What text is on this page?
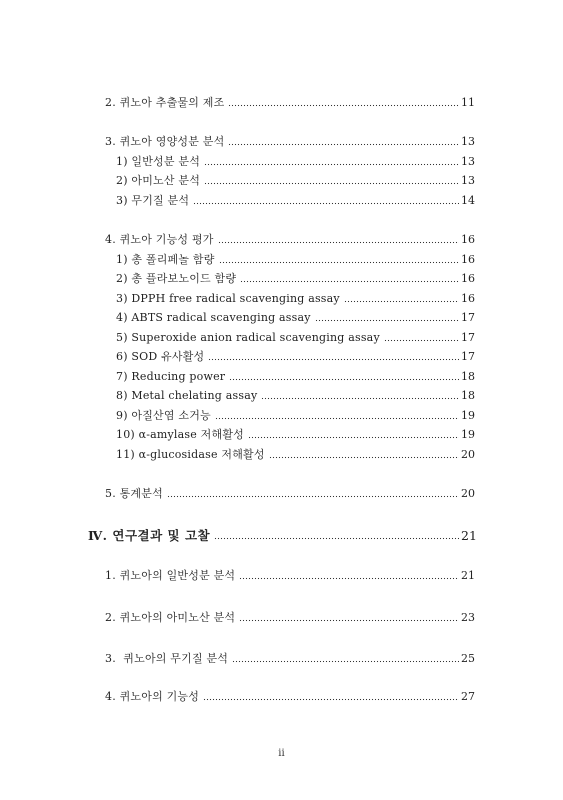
2. 퀴노아 추출물의 제조	11
3. 퀴노아 영양성분 분석	13
1) 일반성분 분석	13
2) 아미노산 분석	13
3) 무기질 분석	14
4. 퀴노아 기능성 평가	16
1) 총 폴리페놀 함량	16
2) 총 플라보노이드 함량	16
3) DPPH free radical scavenging assay	16
4) ABTS radical scavenging assay	17
5) Superoxide anion radical scavenging assay	17
6) SOD 유사활성	17
7) Reducing power	18
8) Metal chelating assay	18
9) 아질산염 소거능	19
10) α-amylase 저해활성	19
11) α-glucosidase 저해활성	20
5. 통계분석	20
Ⅳ. 연구결과 및 고찰	21
1. 퀴노아의 일반성분 분석	21
2. 퀴노아의 아미노산 분석	23
3.  퀴노아의 무기질 분석	25
4. 퀴노아의 기능성	27
ii
